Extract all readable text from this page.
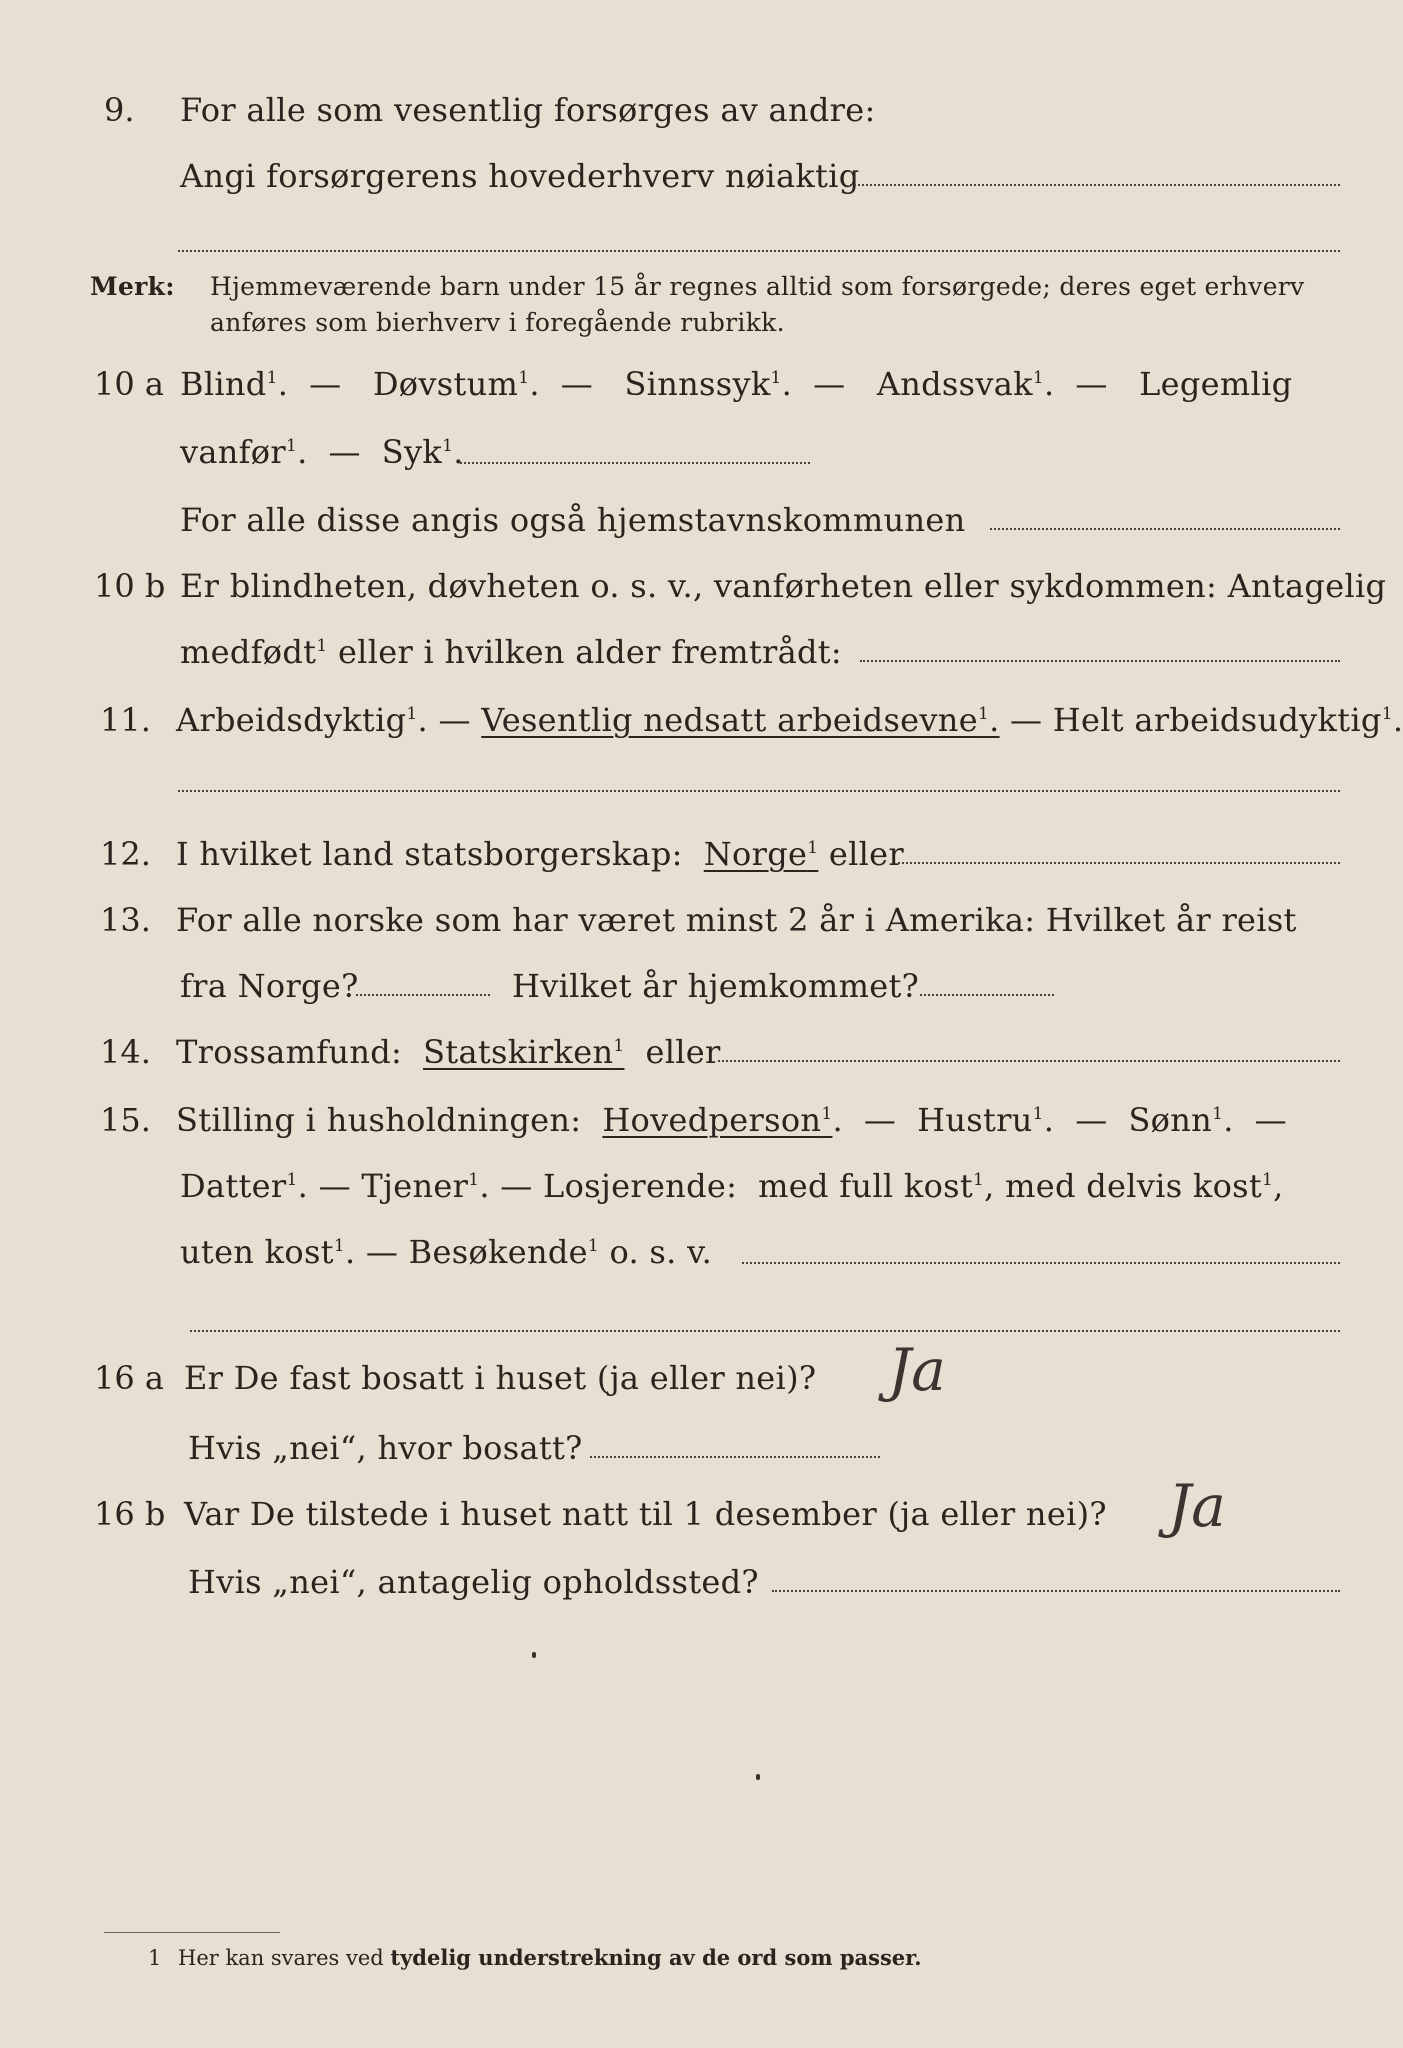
9. For alle som vesentlig forsørges av andre:
Angi forsørgerens hovederhverv nøiaktig
Merk: Hjemmeværende barn under 15 år regnes alltid som forsørgede; deres eget erhverv
anføres som bierhverv i foregående rubrikk.
10 a Blind$^1$.  —   Døvstum$^1$.  —   Sinnssyk$^1$.  —   Andssvak$^1$.  —   Legemlig
vanfør$^1$.  —  Syk$^1$.
For alle disse angis også hjemstavnskommunen
10 b Er blindheten, døvheten o. s. v., vanførheten eller sykdommen: Antagelig
medfødt$^1$ eller i hvilken alder fremtrådt:
11. Arbeidsdyktig$^1$. — Vesentlig nedsatt arbeidsevne$^1$. — Helt arbeidsudyktig$^1$.
12. I hvilket land statsborgerskap: Norge$^1$ eller
13. For alle norske som har været minst 2 år i Amerika: Hvilket år reist
fra Norge?	Hvilket år hjemkommet?
14. Trossamfund: Statskirken$^1$ eller
15. Stilling i husholdningen: Hovedperson$^1$.  —  Hustru$^1$.  —  Sønn$^1$.  —
Datter$^1$. — Tjener$^1$. — Losjerende: med full kost$^1$, med delvis kost$^1$,
uten kost$^1$. — Besøkende$^1$ o. s. v.
16 a Er De fast bosatt i huset (ja eller nei)? Ja
Hvis „nei“, hvor bosatt?
16 b Var De tilstede i huset natt til 1 desember (ja eller nei)? Ja
Hvis „nei“, antagelig opholdssted?
1 Her kan svares ved tydelig understrekning av de ord som passer.
